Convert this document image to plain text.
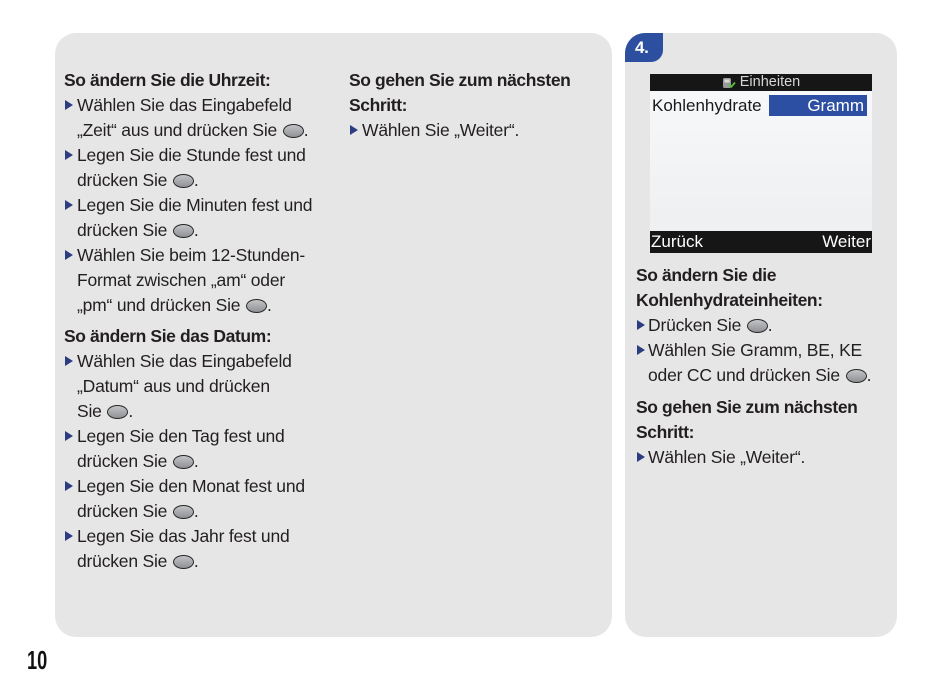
So ändern Sie die Uhrzeit:
Wählen Sie das Eingabefeld
„Zeit“ aus und drücken Sie .
Legen Sie die Stunde fest und
drücken Sie .
Legen Sie die Minuten fest und
drücken Sie .
Wählen Sie beim 12-Stunden-
Format zwischen „am“ oder
„pm“ und drücken Sie .
So ändern Sie das Datum:
Wählen Sie das Eingabefeld
„Datum“ aus und drücken
Sie .
Legen Sie den Tag fest und
drücken Sie .
Legen Sie den Monat fest und
drücken Sie .
Legen Sie das Jahr fest und
drücken Sie .
So gehen Sie zum nächsten
Schritt:
Wählen Sie „Weiter“.
4.
Einheiten
Kohlenhydrate	Gramm
Zurück	Weiter
So ändern Sie die
Kohlenhydrateinheiten:
Drücken Sie .
Wählen Sie Gramm, BE, KE
oder CC und drücken Sie .
So gehen Sie zum nächsten
Schritt:
Wählen Sie „Weiter“.
10
